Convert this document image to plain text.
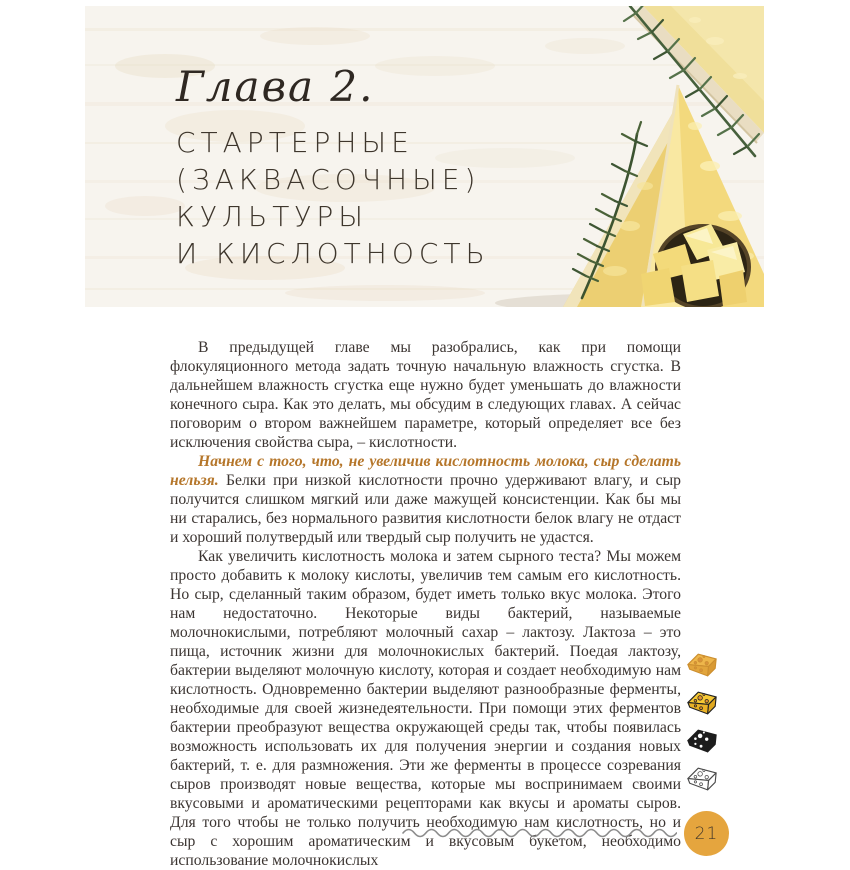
Глава 2.
СТАРТЕРНЫЕ
(ЗАКВАСОЧНЫЕ)
КУЛЬТУРЫ
И КИСЛОТНОСТЬ

В предыдущей главе мы разобрались, как при помощи флокуляционного метода задать точную начальную влажность сгустка. В дальнейшем влажность сгустка еще нужно будет уменьшать до влажности конечного сыра. Как это делать, мы обсудим в следующих главах. А сейчас поговорим о втором важнейшем параметре, который определяет все без исключения свойства сыра, – кислотности.

Начнем с того, что, не увеличив кислотность молока, сыр сделать нельзя. Белки при низкой кислотности прочно удерживают влагу, и сыр получится слишком мягкий или даже мажущей консистенции. Как бы мы ни старались, без нормального развития кислотности белок влагу не отдаст и хороший полутвердый или твердый сыр получить не удастся.

Как увеличить кислотность молока и затем сырного теста? Мы можем просто добавить к молоку кислоты, увеличив тем самым его кислотность. Но сыр, сделанный таким образом, будет иметь только вкус молока. Этого нам недостаточно. Некоторые виды бактерий, называемые молочнокислыми, потребляют молочный сахар – лактозу. Лактоза – это пища, источник жизни для молочнокислых бактерий. Поедая лактозу, бактерии выделяют молочную кислоту, которая и создает необходимую нам кислотность. Одновременно бактерии выделяют разнообразные ферменты, необходимые для своей жизнедеятельности. При помощи этих ферментов бактерии преобразуют вещества окружающей среды так, чтобы появилась возможность использовать их для получения энергии и создания новых бактерий, т. е. для размножения. Эти же ферменты в процессе созревания сыров производят новые вещества, которые мы воспринимаем своими вкусовыми и ароматическими рецепторами как вкусы и ароматы сыров. Для того чтобы не только получить необходимую нам кислотность, но и сыр с хорошим ароматическим и вкусовым букетом, необходимо использование молочнокислых

21
